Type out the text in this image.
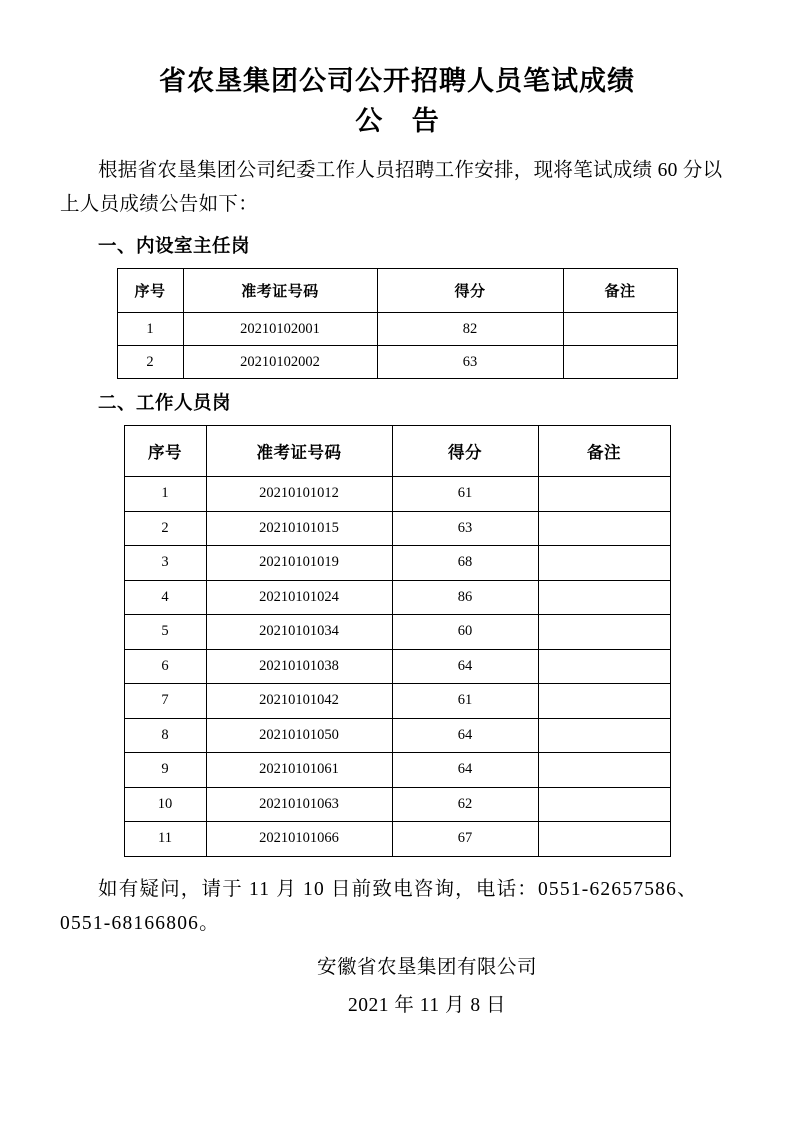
省农垦集团公司公开招聘人员笔试成绩
公 告

根据省农垦集团公司纪委工作人员招聘工作安排，现将笔试成绩 60 分以上人员成绩公告如下：

一、内设室主任岗
序号	准考证号码	得分	备注
1	20210102001	82	
2	20210102002	63	
二、工作人员岗
序号	准考证号码	得分	备注
1	20210101012	61	
2	20210101015	63	
3	20210101019	68	
4	20210101024	86	
5	20210101034	60	
6	20210101038	64	
7	20210101042	61	
8	20210101050	64	
9	20210101061	64	
10	20210101063	62	
11	20210101066	67	

如有疑问，请于 11 月 10 日前致电咨询，电话：0551-62657586、0551-68166806。

安徽省农垦集团有限公司

2021 年 11 月 8 日
